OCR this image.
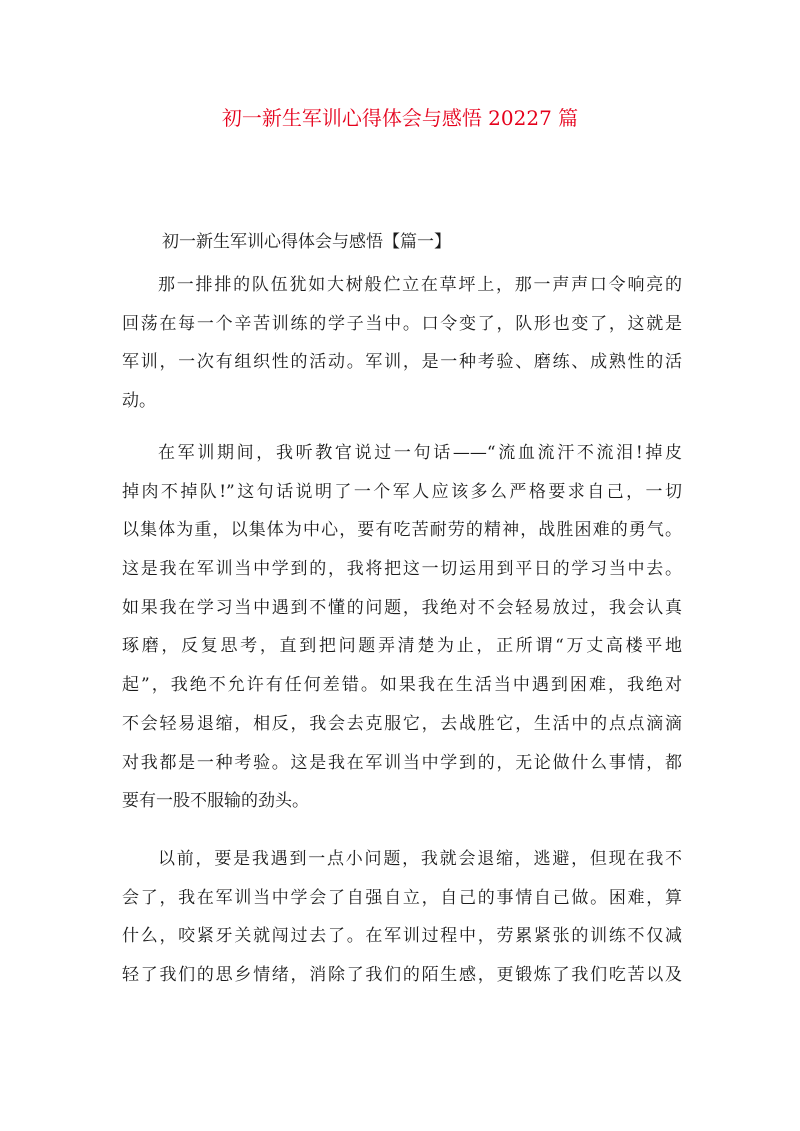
初一新生军训心得体会与感悟 20227 篇
初一新生军训心得体会与感悟【篇一】
那一排排的队伍犹如大树般伫立在草坪上，那一声声口令响亮的
回荡在每一个辛苦训练的学子当中。口令变了，队形也变了，这就是
军训，一次有组织性的活动。军训，是一种考验、磨练、成熟性的活
动。
在军训期间，我听教官说过一句话——“流血流汗不流泪!掉皮
掉肉不掉队!”这句话说明了一个军人应该多么严格要求自己，一切
以集体为重，以集体为中心，要有吃苦耐劳的精神，战胜困难的勇气。
这是我在军训当中学到的，我将把这一切运用到平日的学习当中去。
如果我在学习当中遇到不懂的问题，我绝对不会轻易放过，我会认真
琢磨，反复思考，直到把问题弄清楚为止，正所谓“万丈高楼平地
起”，我绝不允许有任何差错。如果我在生活当中遇到困难，我绝对
不会轻易退缩，相反，我会去克服它，去战胜它，生活中的点点滴滴
对我都是一种考验。这是我在军训当中学到的，无论做什么事情，都
要有一股不服输的劲头。
以前，要是我遇到一点小问题，我就会退缩，逃避，但现在我不
会了，我在军训当中学会了自强自立，自己的事情自己做。困难，算
什么，咬紧牙关就闯过去了。在军训过程中，劳累紧张的训练不仅减
轻了我们的思乡情绪，消除了我们的陌生感，更锻炼了我们吃苦以及
